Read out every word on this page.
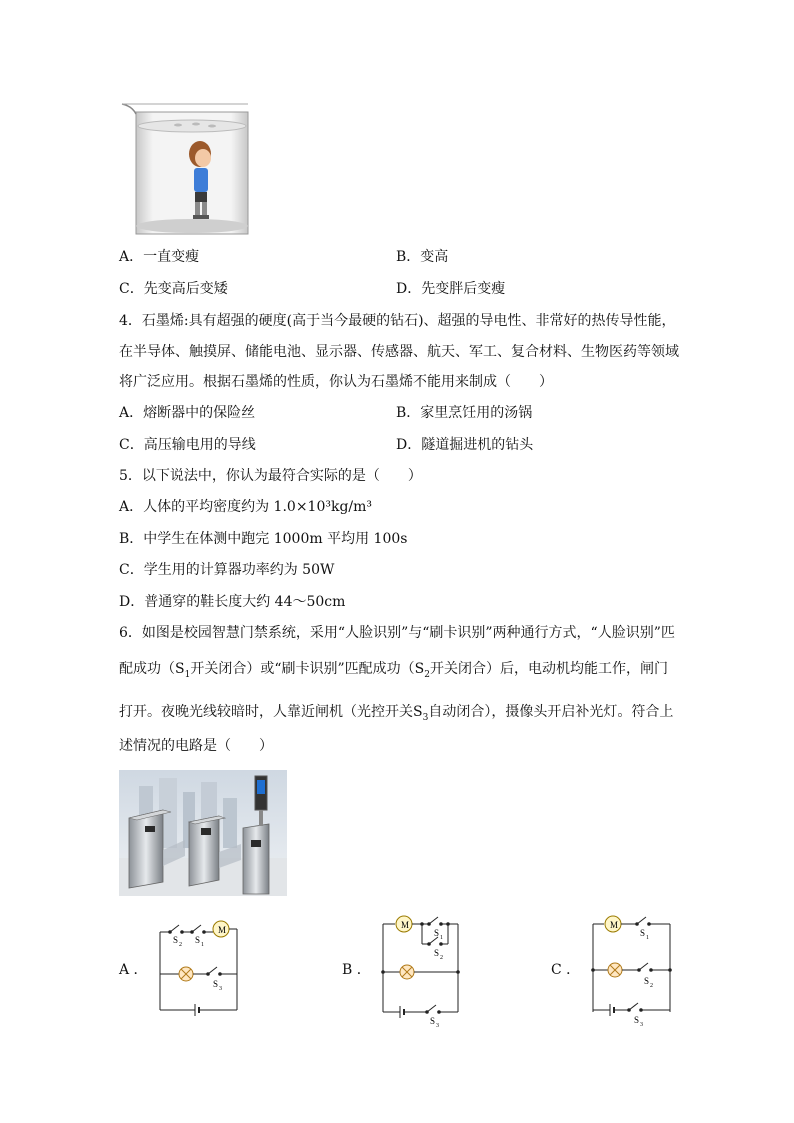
A．一直变瘦	B．变高
C．先变高后变矮	D．先变胖后变瘦
4．石墨烯:具有超强的硬度(高于当今最硬的钻石)、超强的导电性、非常好的热传导性能，
在半导体、触摸屏、储能电池、显示器、传感器、航天、军工、复合材料、生物医药等领域
将广泛应用。根据石墨烯的性质，你认为石墨烯不能用来制成（　　）
A．熔断器中的保险丝	B．家里烹饪用的汤锅
C．高压输电用的导线	D．隧道掘进机的钻头
5．以下说法中，你认为最符合实际的是（　　）
A．人体的平均密度约为 1.0×10³kg/m³
B．中学生在体测中跑完 1000m 平均用 100s
C．学生用的计算器功率约为 50W
D．普通穿的鞋长度大约 44～50cm
6．如图是校园智慧门禁系统，采用“人脸识别”与“刷卡识别”两种通行方式，“人脸识别”匹
配成功（$S_1$开关闭合）或“刷卡识别”匹配成功（$S_2$开关闭合）后，电动机均能工作，闸门
打开。夜晚光线较暗时，人靠近闸机（光控开关$S_3$自动闭合），摄像头开启补光灯。符合上
述情况的电路是（　　）
A ．
M
S 2 S 1
S 3
B ．
M
S 1
S 2
S 3
C ．
M
S 1
S 2
S 3
